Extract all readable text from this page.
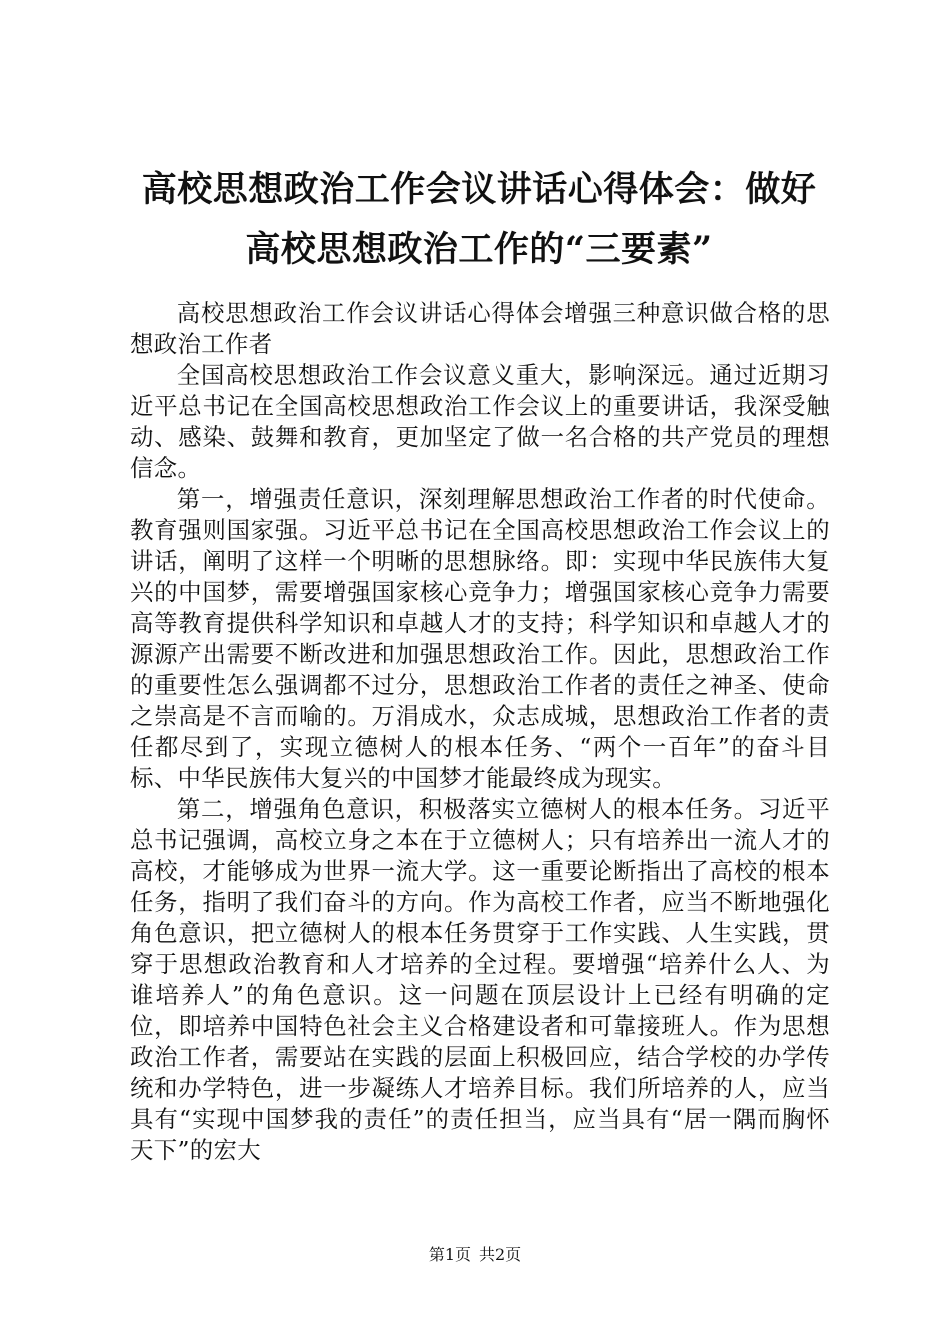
高校思想政治工作会议讲话心得体会：做好高校思想政治工作的“三要素”

高校思想政治工作会议讲话心得体会增强三种意识做合格的思想政治工作者

全国高校思想政治工作会议意义重大，影响深远。通过近期习近平总书记在全国高校思想政治工作会议上的重要讲话，我深受触动、感染、鼓舞和教育，更加坚定了做一名合格的共产党员的理想信念。

第一，增强责任意识，深刻理解思想政治工作者的时代使命。教育强则国家强。习近平总书记在全国高校思想政治工作会议上的讲话，阐明了这样一个明晰的思想脉络。即：实现中华民族伟大复兴的中国梦，需要增强国家核心竞争力；增强国家核心竞争力需要高等教育提供科学知识和卓越人才的支持；科学知识和卓越人才的源源产出需要不断改进和加强思想政治工作。因此，思想政治工作的重要性怎么强调都不过分，思想政治工作者的责任之神圣、使命之崇高是不言而喻的。万涓成水，众志成城，思想政治工作者的责任都尽到了，实现立德树人的根本任务、“两个一百年”的奋斗目标、中华民族伟大复兴的中国梦才能最终成为现实。

第二，增强角色意识，积极落实立德树人的根本任务。习近平总书记强调，高校立身之本在于立德树人；只有培养出一流人才的高校，才能够成为世界一流大学。这一重要论断指出了高校的根本任务，指明了我们奋斗的方向。作为高校工作者，应当不断地强化角色意识，把立德树人的根本任务贯穿于工作实践、人生实践，贯穿于思想政治教育和人才培养的全过程。要增强“培养什么人、为谁培养人”的角色意识。这一问题在顶层设计上已经有明确的定位，即培养中国特色社会主义合格建设者和可靠接班人。作为思想政治工作者，需要站在实践的层面上积极回应，结合学校的办学传统和办学特色，进一步凝练人才培养目标。我们所培养的人，应当具有“实现中国梦我的责任”的责任担当，应当具有“居一隅而胸怀天下”的宏大

第1页 共2页
